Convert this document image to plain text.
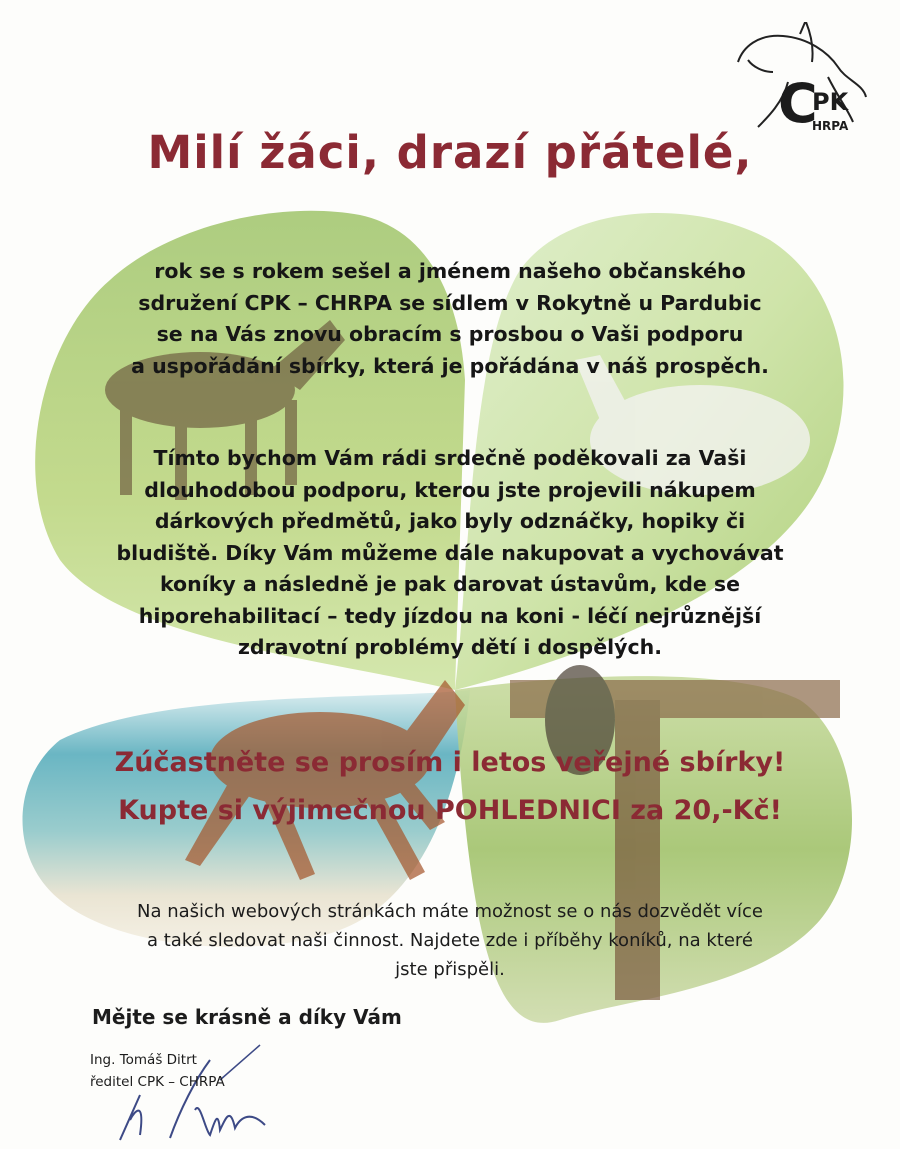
C
PK
HRPA
Milí žáci, drazí přátelé,
rok se s rokem sešel a jménem našeho občanského
sdružení CPK – CHRPA se sídlem v Rokytně u Pardubic
se na Vás znovu obracím s prosbou o Vaši podporu
a uspořádání sbírky, která je pořádána v náš prospěch.
Tímto bychom Vám rádi srdečně poděkovali za Vaši
dlouhodobou podporu, kterou jste projevili nákupem
dárkových předmětů, jako byly odznáčky, hopiky či
bludiště. Díky Vám můžeme dále nakupovat a vychovávat
koníky a následně je pak darovat ústavům, kde se
hiporehabilitací – tedy jízdou na koni - léčí nejrůznější
zdravotní problémy dětí i dospělých.
Zúčastněte se prosím i letos veřejné sbírky!
Kupte si výjimečnou POHLEDNICI za 20,-Kč!
Na našich webových stránkách máte možnost se o nás dozvědět více
a také sledovat naši činnost. Najdete zde i příběhy koníků, na které
jste přispěli.
Mějte se krásně a díky Vám
Ing. Tomáš Ditrt
ředitel CPK – CHRPA
